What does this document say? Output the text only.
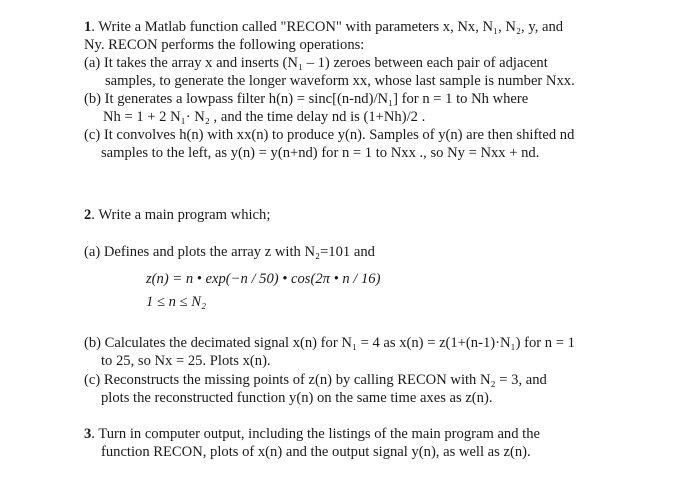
1. Write a Matlab function called "RECON" with parameters x, Nx, N₁, N₂, y, and
Ny. RECON performs the following operations:
(a) It takes the array x and inserts (N₁ – 1) zeroes between each pair of adjacent
samples, to generate the longer waveform xx, whose last sample is number Nxx.
(b) It generates a lowpass filter h(n) = sinc[(n-nd)/N₁] for n = 1 to Nh where
Nh = 1 + 2 N₁· N₂ , and the time delay nd is (1+Nh)/2 .
(c) It convolves h(n) with xx(n) to produce y(n). Samples of y(n) are then shifted nd
samples to the left, as y(n) = y(n+nd) for n = 1 to Nxx ., so Ny = Nxx + nd.
2. Write a main program which;
(a) Defines and plots the array z with N₂=101 and
z(n) = n • exp(−n / 50) • cos(2π • n / 16)
1 ≤ n ≤ N₂
(b) Calculates the decimated signal x(n) for N₁ = 4 as x(n) = z(1+(n-1)·N₁) for n = 1
to 25, so Nx = 25. Plots x(n).
(c) Reconstructs the missing points of z(n) by calling RECON with N₂ = 3, and
plots the reconstructed function y(n) on the same time axes as z(n).
3. Turn in computer output, including the listings of the main program and the
function RECON, plots of x(n) and the output signal y(n), as well as z(n).
